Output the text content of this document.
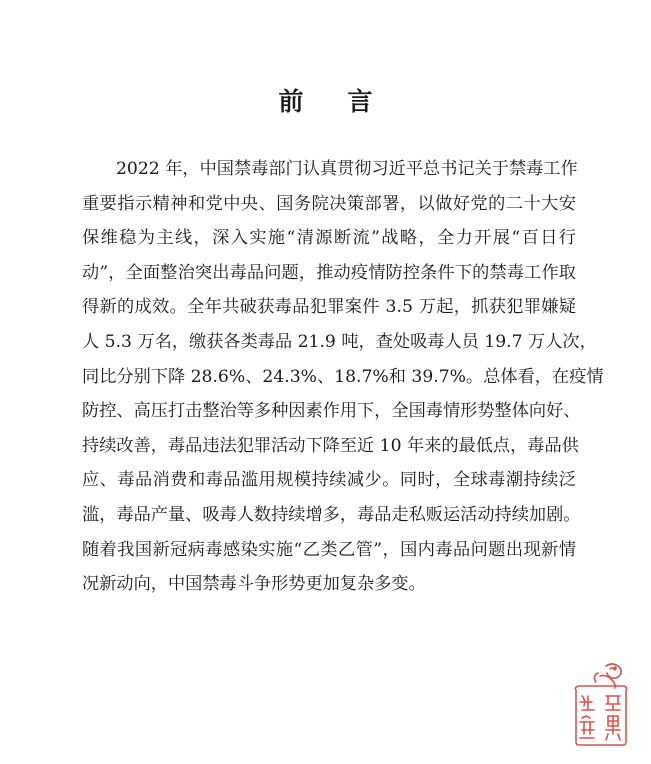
前 言
2022 年，中国禁毒部门认真贯彻习近平总书记关于禁毒工作
重要指示精神和党中央、国务院决策部署，以做好党的二十大安
保维稳为主线，深入实施“清源断流”战略，全力开展“百日行
动”，全面整治突出毒品问题，推动疫情防控条件下的禁毒工作取
得新的成效。全年共破获毒品犯罪案件 3.5 万起，抓获犯罪嫌疑
人 5.3 万名，缴获各类毒品 21.9 吨，查处吸毒人员 19.7 万人次，
同比分别下降 28.6%、24.3%、18.7%和 39.7%。总体看，在疫情
防控、高压打击整治等多种因素作用下，全国毒情形势整体向好、
持续改善，毒品违法犯罪活动下降至近 10 年来的最低点，毒品供
应、毒品消费和毒品滥用规模持续减少。同时，全球毒潮持续泛
滥，毒品产量、吸毒人数持续增多，毒品走私贩运活动持续加剧。
随着我国新冠病毒感染实施“乙类乙管”，国内毒品问题出现新情
况新动向，中国禁毒斗争形势更加复杂多变。
